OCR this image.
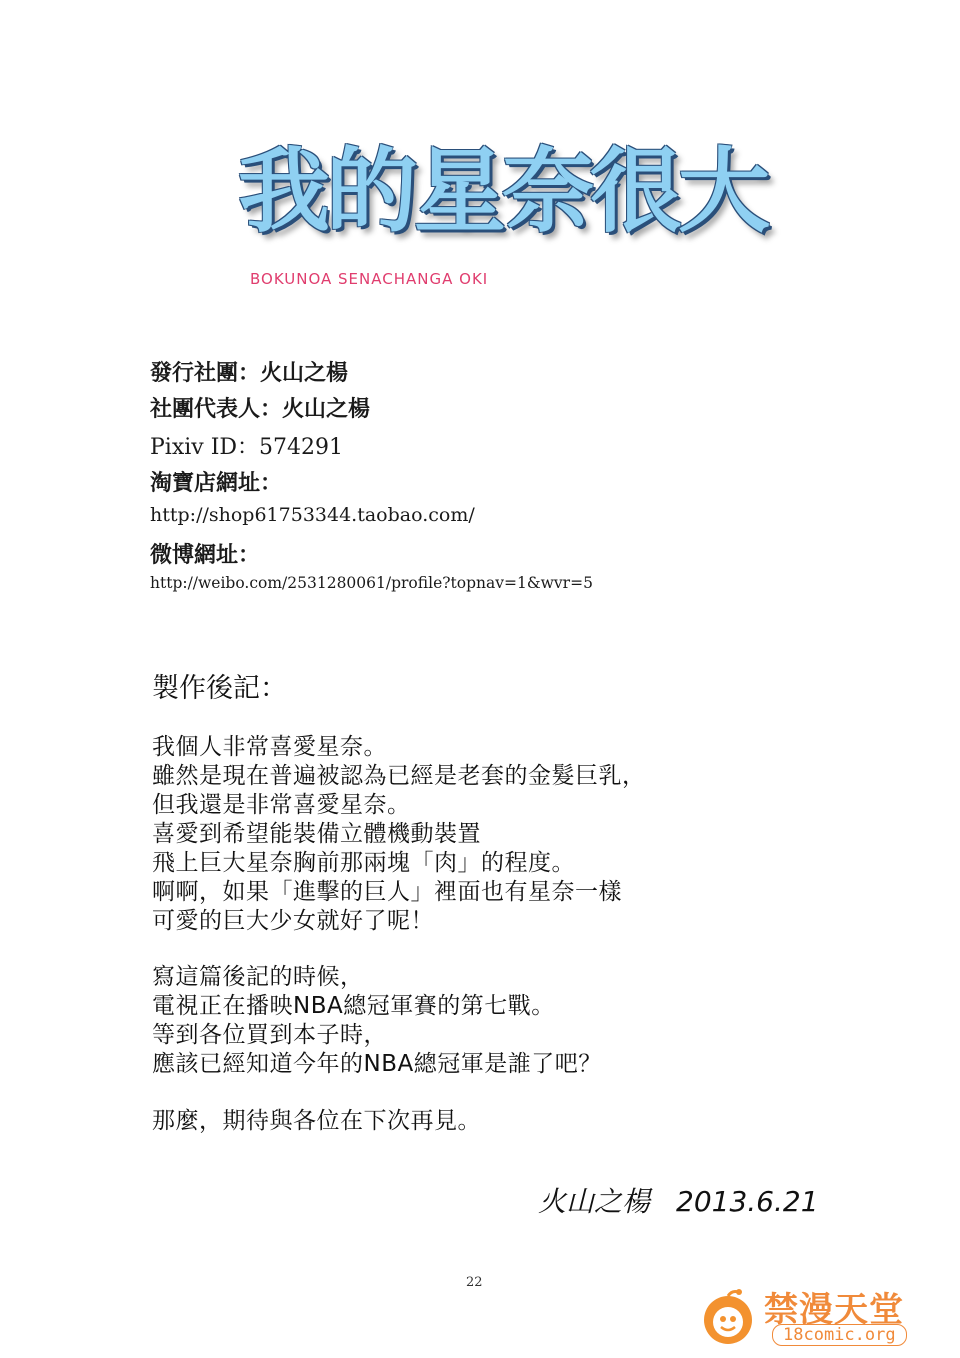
我的星奈很大
BOKUNOA SENACHANGA OKI
發行社團：火山之楊
社團代表人：火山之楊
Pixiv ID：574291
淘寶店網址：
http://shop61753344.taobao.com/
微博網址：
http://weibo.com/2531280061/profile?topnav=1&wvr=5
製作後記：
我個人非常喜愛星奈。
雖然是現在普遍被認為已經是老套的金髮巨乳，
但我還是非常喜愛星奈。
喜愛到希望能裝備立體機動裝置
飛上巨大星奈胸前那兩塊「肉」的程度。
啊啊，如果「進擊的巨人」裡面也有星奈一樣
可愛的巨大少女就好了呢！
寫這篇後記的時候，
電視正在播映NBA總冠軍賽的第七戰。
等到各位買到本子時，
應該已經知道今年的NBA總冠軍是誰了吧？
那麼，期待與各位在下次再見。
火山之楊 2013.6.21
22
禁漫天堂
18comic.org
